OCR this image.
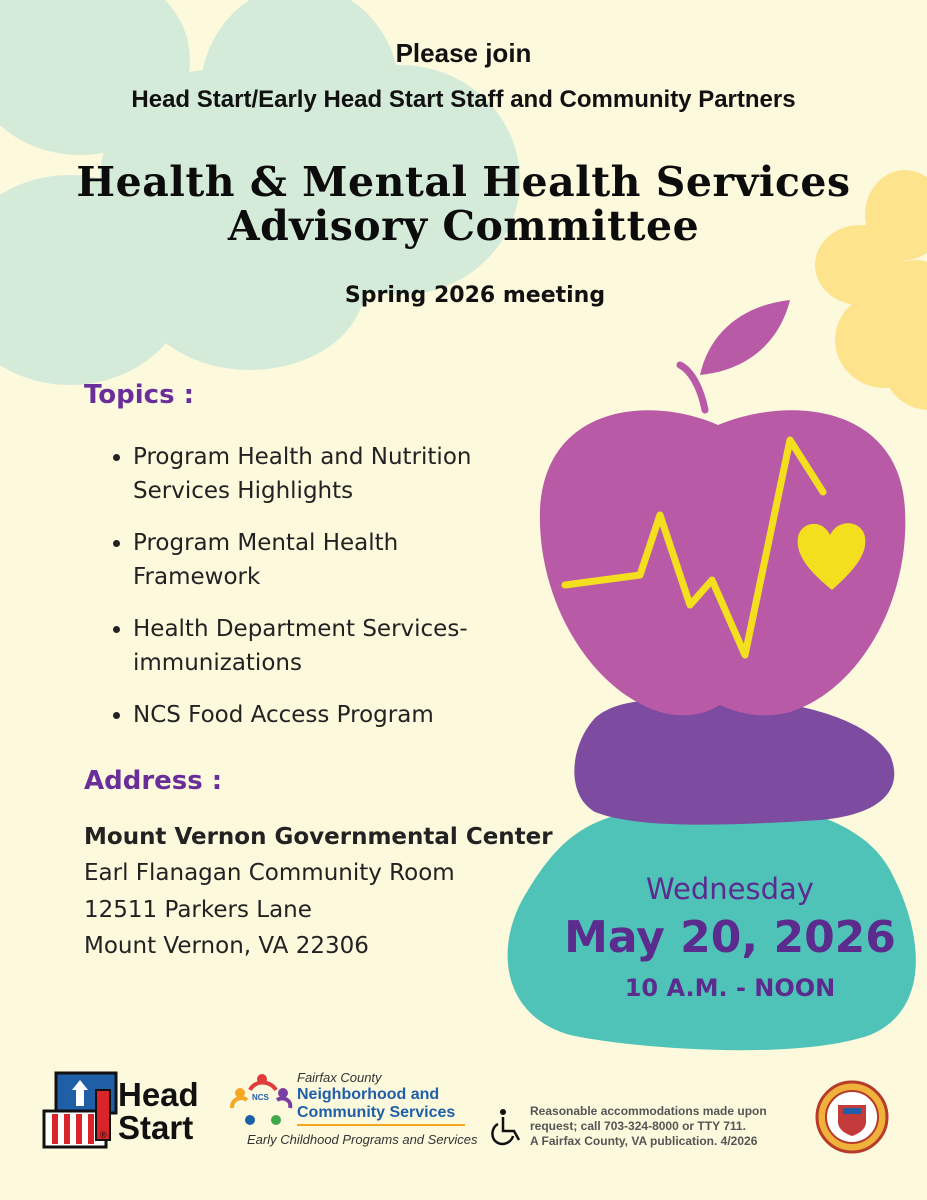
Please join
Head Start/Early Head Start Staff and Community Partners
Health & Mental Health Services
Advisory Committee
Spring 2026 meeting
Topics :
• Program Health and Nutrition
Services Highlights
• Program Mental Health
Framework
• Health Department Services-
immunizations
• NCS Food Access Program
Address :
Mount Vernon Governmental Center
Earl Flanagan Community Room
12511 Parkers Lane
Mount Vernon, VA 22306
Wednesday
May 20, 2026
10 A.M. - NOON
Head
Start
®
NCS
Fairfax County
Neighborhood and
Community Services
Early Childhood Programs and Services
Reasonable accommodations made upon
request; call 703-324-8000 or TTY 711.
A Fairfax County, VA publication. 4/2026
